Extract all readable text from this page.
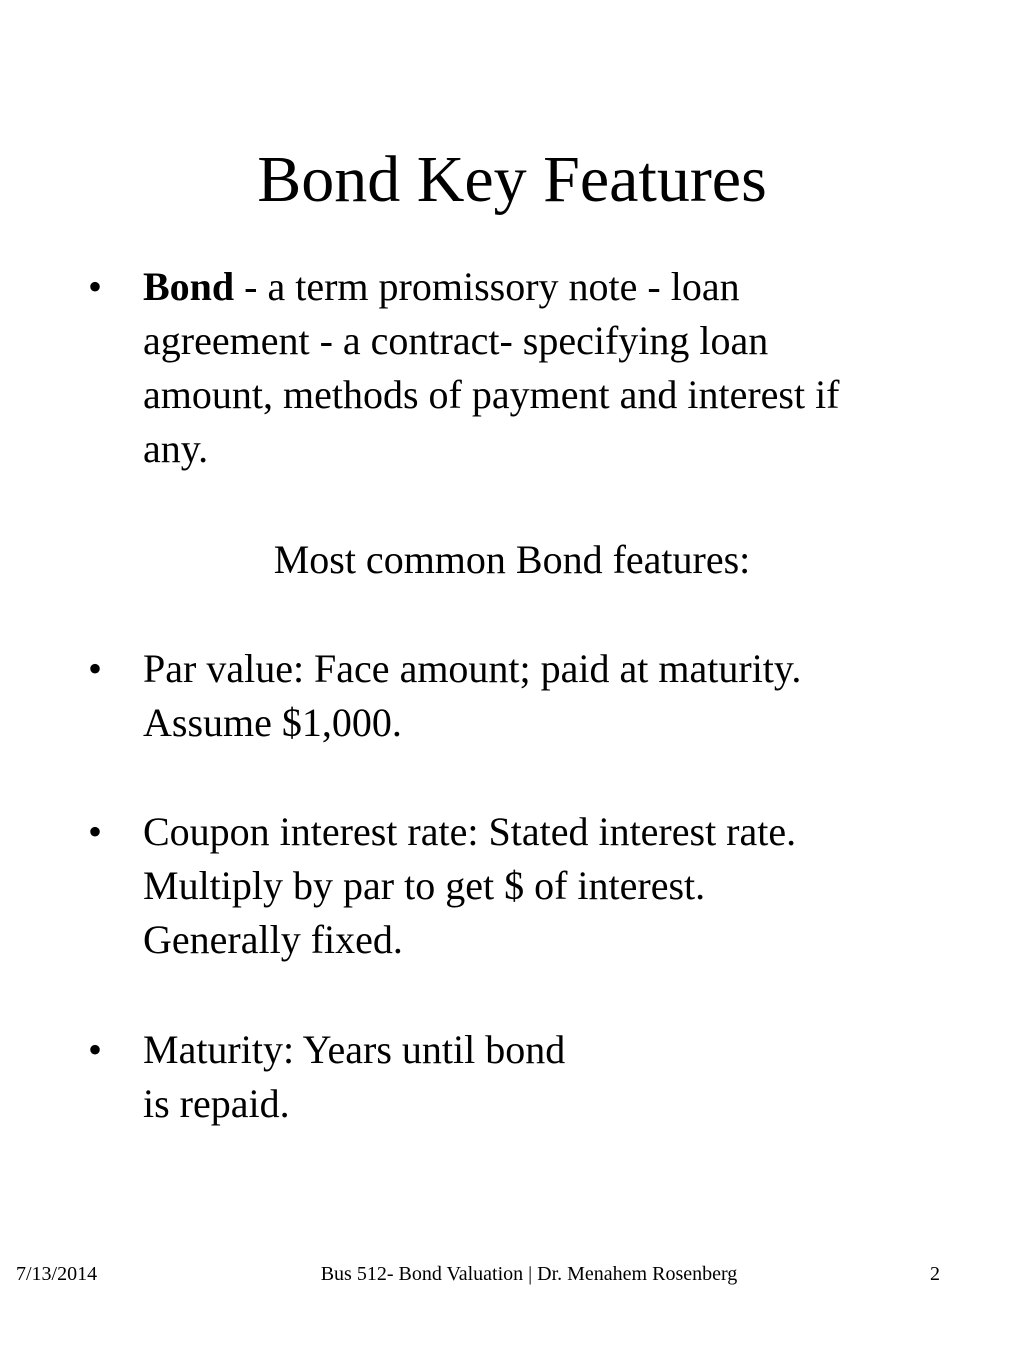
Bond Key Features
•	Bond - a term promissory note - loan
agreement - a contract- specifying loan
amount, methods of payment and interest if
any.
Most common Bond features:
•	Par value: Face amount; paid at maturity.
Assume $1,000.
•	Coupon interest rate: Stated interest rate.
Multiply by par to get $ of interest.
Generally fixed.
•	Maturity: Years until bond
is repaid.
7/13/2014	Bus 512- Bond Valuation | Dr. Menahem Rosenberg	2
